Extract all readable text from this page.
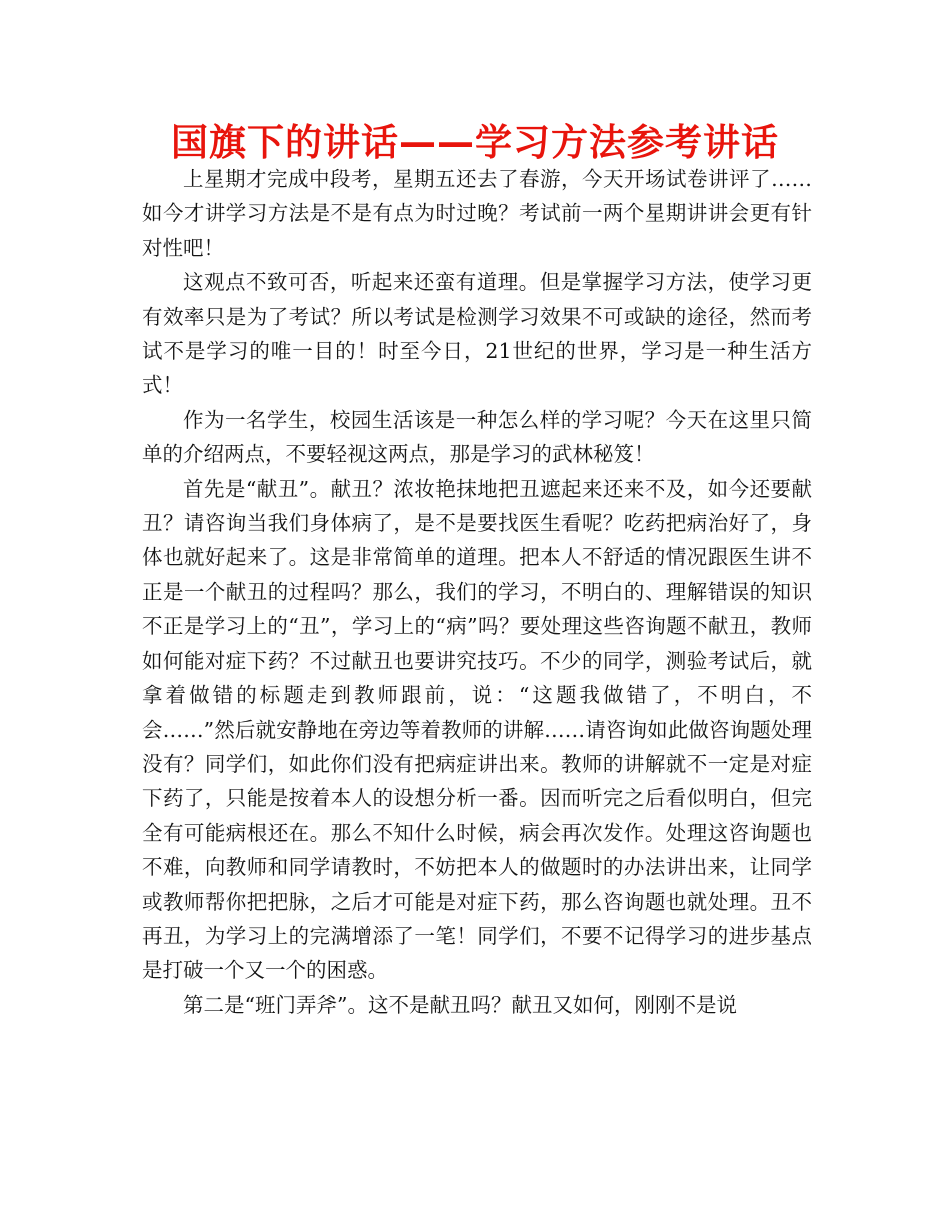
国旗下的讲话——学习方法参考讲话

上星期才完成中段考，星期五还去了春游，今天开场试卷讲评了……如今才讲学习方法是不是有点为时过晚？考试前一两个星期讲讲会更有针对性吧！

这观点不致可否，听起来还蛮有道理。但是掌握学习方法，使学习更有效率只是为了考试？所以考试是检测学习效果不可或缺的途径，然而考试不是学习的唯一目的！时至今日，21世纪的世界，学习是一种生活方式！

作为一名学生，校园生活该是一种怎么样的学习呢？今天在这里只简单的介绍两点，不要轻视这两点，那是学习的武林秘笈！

首先是“献丑”。献丑？浓妆艳抹地把丑遮起来还来不及，如今还要献丑？请咨询当我们身体病了，是不是要找医生看呢？吃药把病治好了，身体也就好起来了。这是非常简单的道理。把本人不舒适的情况跟医生讲不正是一个献丑的过程吗？那么，我们的学习，不明白的、理解错误的知识不正是学习上的“丑”，学习上的“病”吗？要处理这些咨询题不献丑，教师如何能对症下药？不过献丑也要讲究技巧。不少的同学，测验考试后，就拿着做错的标题走到教师跟前，说：“这题我做错了，不明白，不会……”然后就安静地在旁边等着教师的讲解……请咨询如此做咨询题处理没有？同学们，如此你们没有把病症讲出来。教师的讲解就不一定是对症下药了，只能是按着本人的设想分析一番。因而听完之后看似明白，但完全有可能病根还在。那么不知什么时候，病会再次发作。处理这咨询题也不难，向教师和同学请教时，不妨把本人的做题时的办法讲出来，让同学或教师帮你把把脉，之后才可能是对症下药，那么咨询题也就处理。丑不再丑，为学习上的完满增添了一笔！同学们，不要不记得学习的进步基点是打破一个又一个的困惑。

第二是“班门弄斧”。这不是献丑吗？献丑又如何，刚刚不是说
